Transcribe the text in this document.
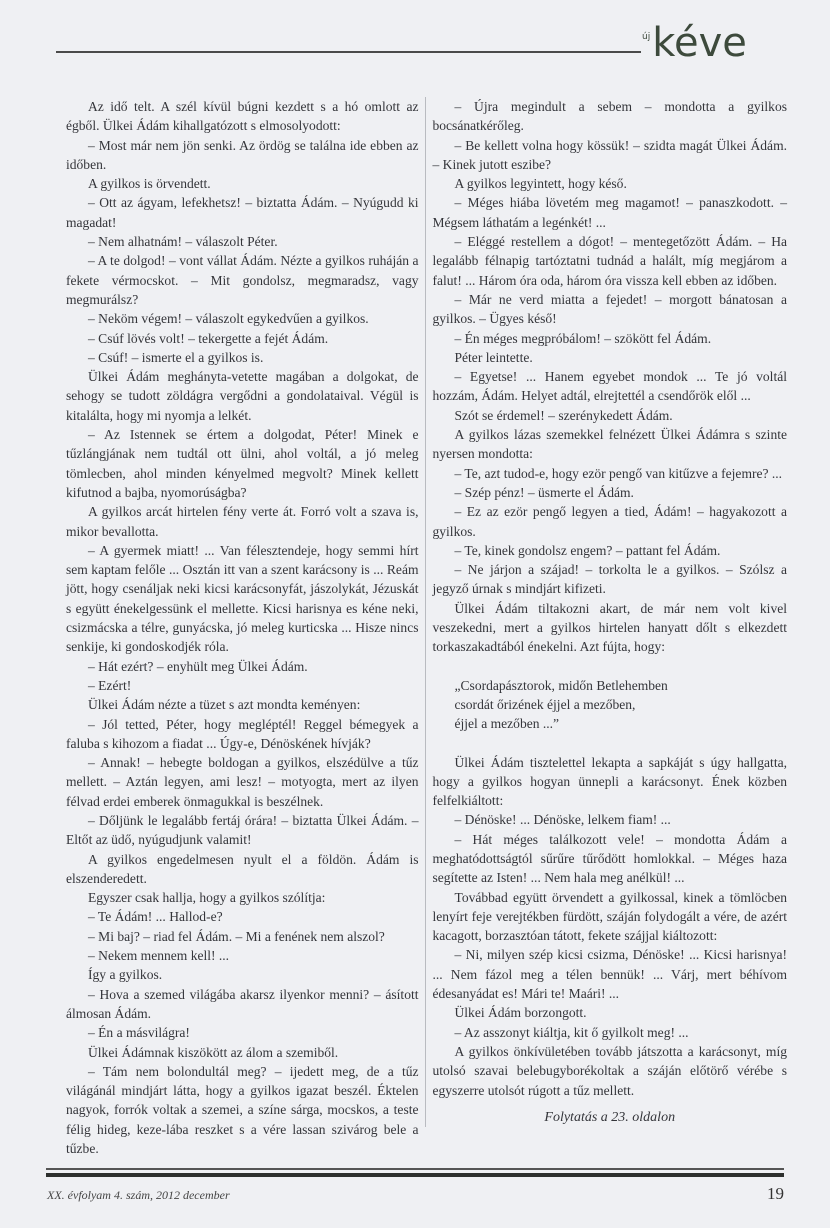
új kéve

Az idő telt. A szél kívül búgni kezdett s a hó omlott az égből. Ülkei Ádám kihallgatózott s elmosolyodott:

– Most már nem jön senki. Az ördög se találna ide ebben az időben.

A gyilkos is örvendett.

– Ott az ágyam, lefekhetsz! – biztatta Ádám. – Nyúgudd ki magadat!

– Nem alhatnám! – válaszolt Péter.

– A te dolgod! – vont vállat Ádám. Nézte a gyilkos ruháján a fekete vérmocskot. – Mit gondolsz, megmaradsz, vagy megmurálsz?

– Neköm végem! – válaszolt egykedvűen a gyilkos.

– Csúf lövés volt! – tekergette a fejét Ádám.

– Csúf! – ismerte el a gyilkos is.

Ülkei Ádám meghányta-vetette magában a dolgokat, de sehogy se tudott zöldágra vergődni a gondolataival. Végül is kitalálta, hogy mi nyomja a lelkét.

– Az Istennek se értem a dolgodat, Péter! Minek e tűzlángjának nem tudtál ott ülni, ahol voltál, a jó meleg tömlecben, ahol minden kényelmed megvolt? Minek kellett kifutnod a bajba, nyomorúságba?

A gyilkos arcát hirtelen fény verte át. Forró volt a szava is, mikor bevallotta.

– A gyermek miatt! ... Van félesztendeje, hogy semmi hírt sem kaptam felőle ... Osztán itt van a szent karácsony is ... Reám jött, hogy csenáljak neki kicsi karácsonyfát, jászolykát, Jézuskát s együtt énekelgessünk el mellette. Kicsi harisnya es kéne neki, csizmácska a télre, gunyácska, jó meleg kurticska ... Hisze nincs senkije, ki gondoskodjék róla.

– Hát ezért? – enyhült meg Ülkei Ádám.

– Ezért!

Ülkei Ádám nézte a tüzet s azt mondta keményen:

– Jól tetted, Péter, hogy megléptél! Reggel bémegyek a faluba s kihozom a fiadat ... Úgy-e, Dénöskének hívják?

– Annak! – hebegte boldogan a gyilkos, elszédülve a tűz mellett. – Aztán legyen, ami lesz! – motyogta, mert az ilyen félvad erdei emberek önmagukkal is beszélnek.

– Dőljünk le legalább fertáj órára! – biztatta Ülkei Ádám. – Eltőt az üdő, nyúgudjunk valamit!

A gyilkos engedelmesen nyult el a földön. Ádám is elszenderedett.

Egyszer csak hallja, hogy a gyilkos szólítja:

– Te Ádám! ... Hallod-e?

– Mi baj? – riad fel Ádám. – Mi a fenének nem alszol?

– Nekem mennem kell! ...

Így a gyilkos.

– Hova a szemed világába akarsz ilyenkor menni? – ásított álmosan Ádám.

– Én a másvilágra!

Ülkei Ádámnak kiszökött az álom a szemiből.

– Tám nem bolondultál meg? – ijedett meg, de a tűz világánál mindjárt látta, hogy a gyilkos igazat beszél. Éktelen nagyok, forrók voltak a szemei, a színe sárga, mocskos, a teste félig hideg, keze-lába reszket s a vére lassan szivárog bele a tűzbe.

– Újra megindult a sebem – mondotta a gyilkos bocsánatkérőleg.

– Be kellett volna hogy kössük! – szidta magát Ülkei Ádám. – Kinek jutott eszibe?

A gyilkos legyintett, hogy késő.

– Méges hiába lövetém meg magamot! – panaszkodott. – Mégsem láthatám a legénkét! ...

– Eléggé restellem a dógot! – mentegetőzött Ádám. – Ha legalább félnapig tartóztatni tudnád a halált, míg megjárom a falut! ... Három óra oda, három óra vissza kell ebben az időben.

– Már ne verd miatta a fejedet! – morgott bánatosan a gyilkos. – Ügyes késő!

– Én méges megpróbálom! – szökött fel Ádám.

Péter leintette.

– Egyetse! ... Hanem egyebet mondok ... Te jó voltál hozzám, Ádám. Helyet adtál, elrejtettél a csendőrök elől ...

Szót se érdemel! – szerénykedett Ádám.

A gyilkos lázas szemekkel felnézett Ülkei Ádámra s szinte nyersen mondotta:

– Te, azt tudod-e, hogy ezör pengő van kitűzve a fejemre? ...

– Szép pénz! – üsmerte el Ádám.

– Ez az ezör pengő legyen a tied, Ádám! – hagyakozott a gyilkos.

– Te, kinek gondolsz engem? – pattant fel Ádám.

– Ne járjon a szájad! – torkolta le a gyilkos. – Szólsz a jegyző úrnak s mindjárt kifizeti.

Ülkei Ádám tiltakozni akart, de már nem volt kivel veszekedni, mert a gyilkos hirtelen hanyatt dőlt s elkezdett torkaszakadtából énekelni. Azt fújta, hogy:

„Csordapásztorok, midőn Betlehemben
csordát őrizének éjjel a mezőben,
éjjel a mezőben ...”

Ülkei Ádám tisztelettel lekapta a sapkáját s úgy hallgatta, hogy a gyilkos hogyan ünnepli a karácsonyt. Ének közben felfelkiáltott:

– Dénöske! ... Dénöske, lelkem fiam! ...

– Hát méges találkozott vele! – mondotta Ádám a meghatódottságtól sűrűre tűrődött homlokkal. – Méges haza segítette az Isten! ... Nem hala meg anélkül! ...

Továbbad együtt örvendett a gyilkossal, kinek a tömlöcben lenyírt feje verejtékben fürdött, száján folydogált a vére, de azért kacagott, borzasztóan tátott, fekete szájjal kiáltozott:

– Ni, milyen szép kicsi csizma, Dénöske! ... Kicsi harisnya! ... Nem fázol meg a télen bennük! ... Várj, mert béhívom édesanyádat es! Mári te! Maári! ...

Ülkei Ádám borzongott.

– Az asszonyt kiáltja, kit ő gyilkolt meg! ...

A gyilkos önkívületében tovább játszotta a karácsonyt, míg utolsó szavai belebugyborékoltak a száján előtörő vérébe s egyszerre utolsót rúgott a tűz mellett.

Folytatás a 23. oldalon

XX. évfolyam 4. szám, 2012 december	19
